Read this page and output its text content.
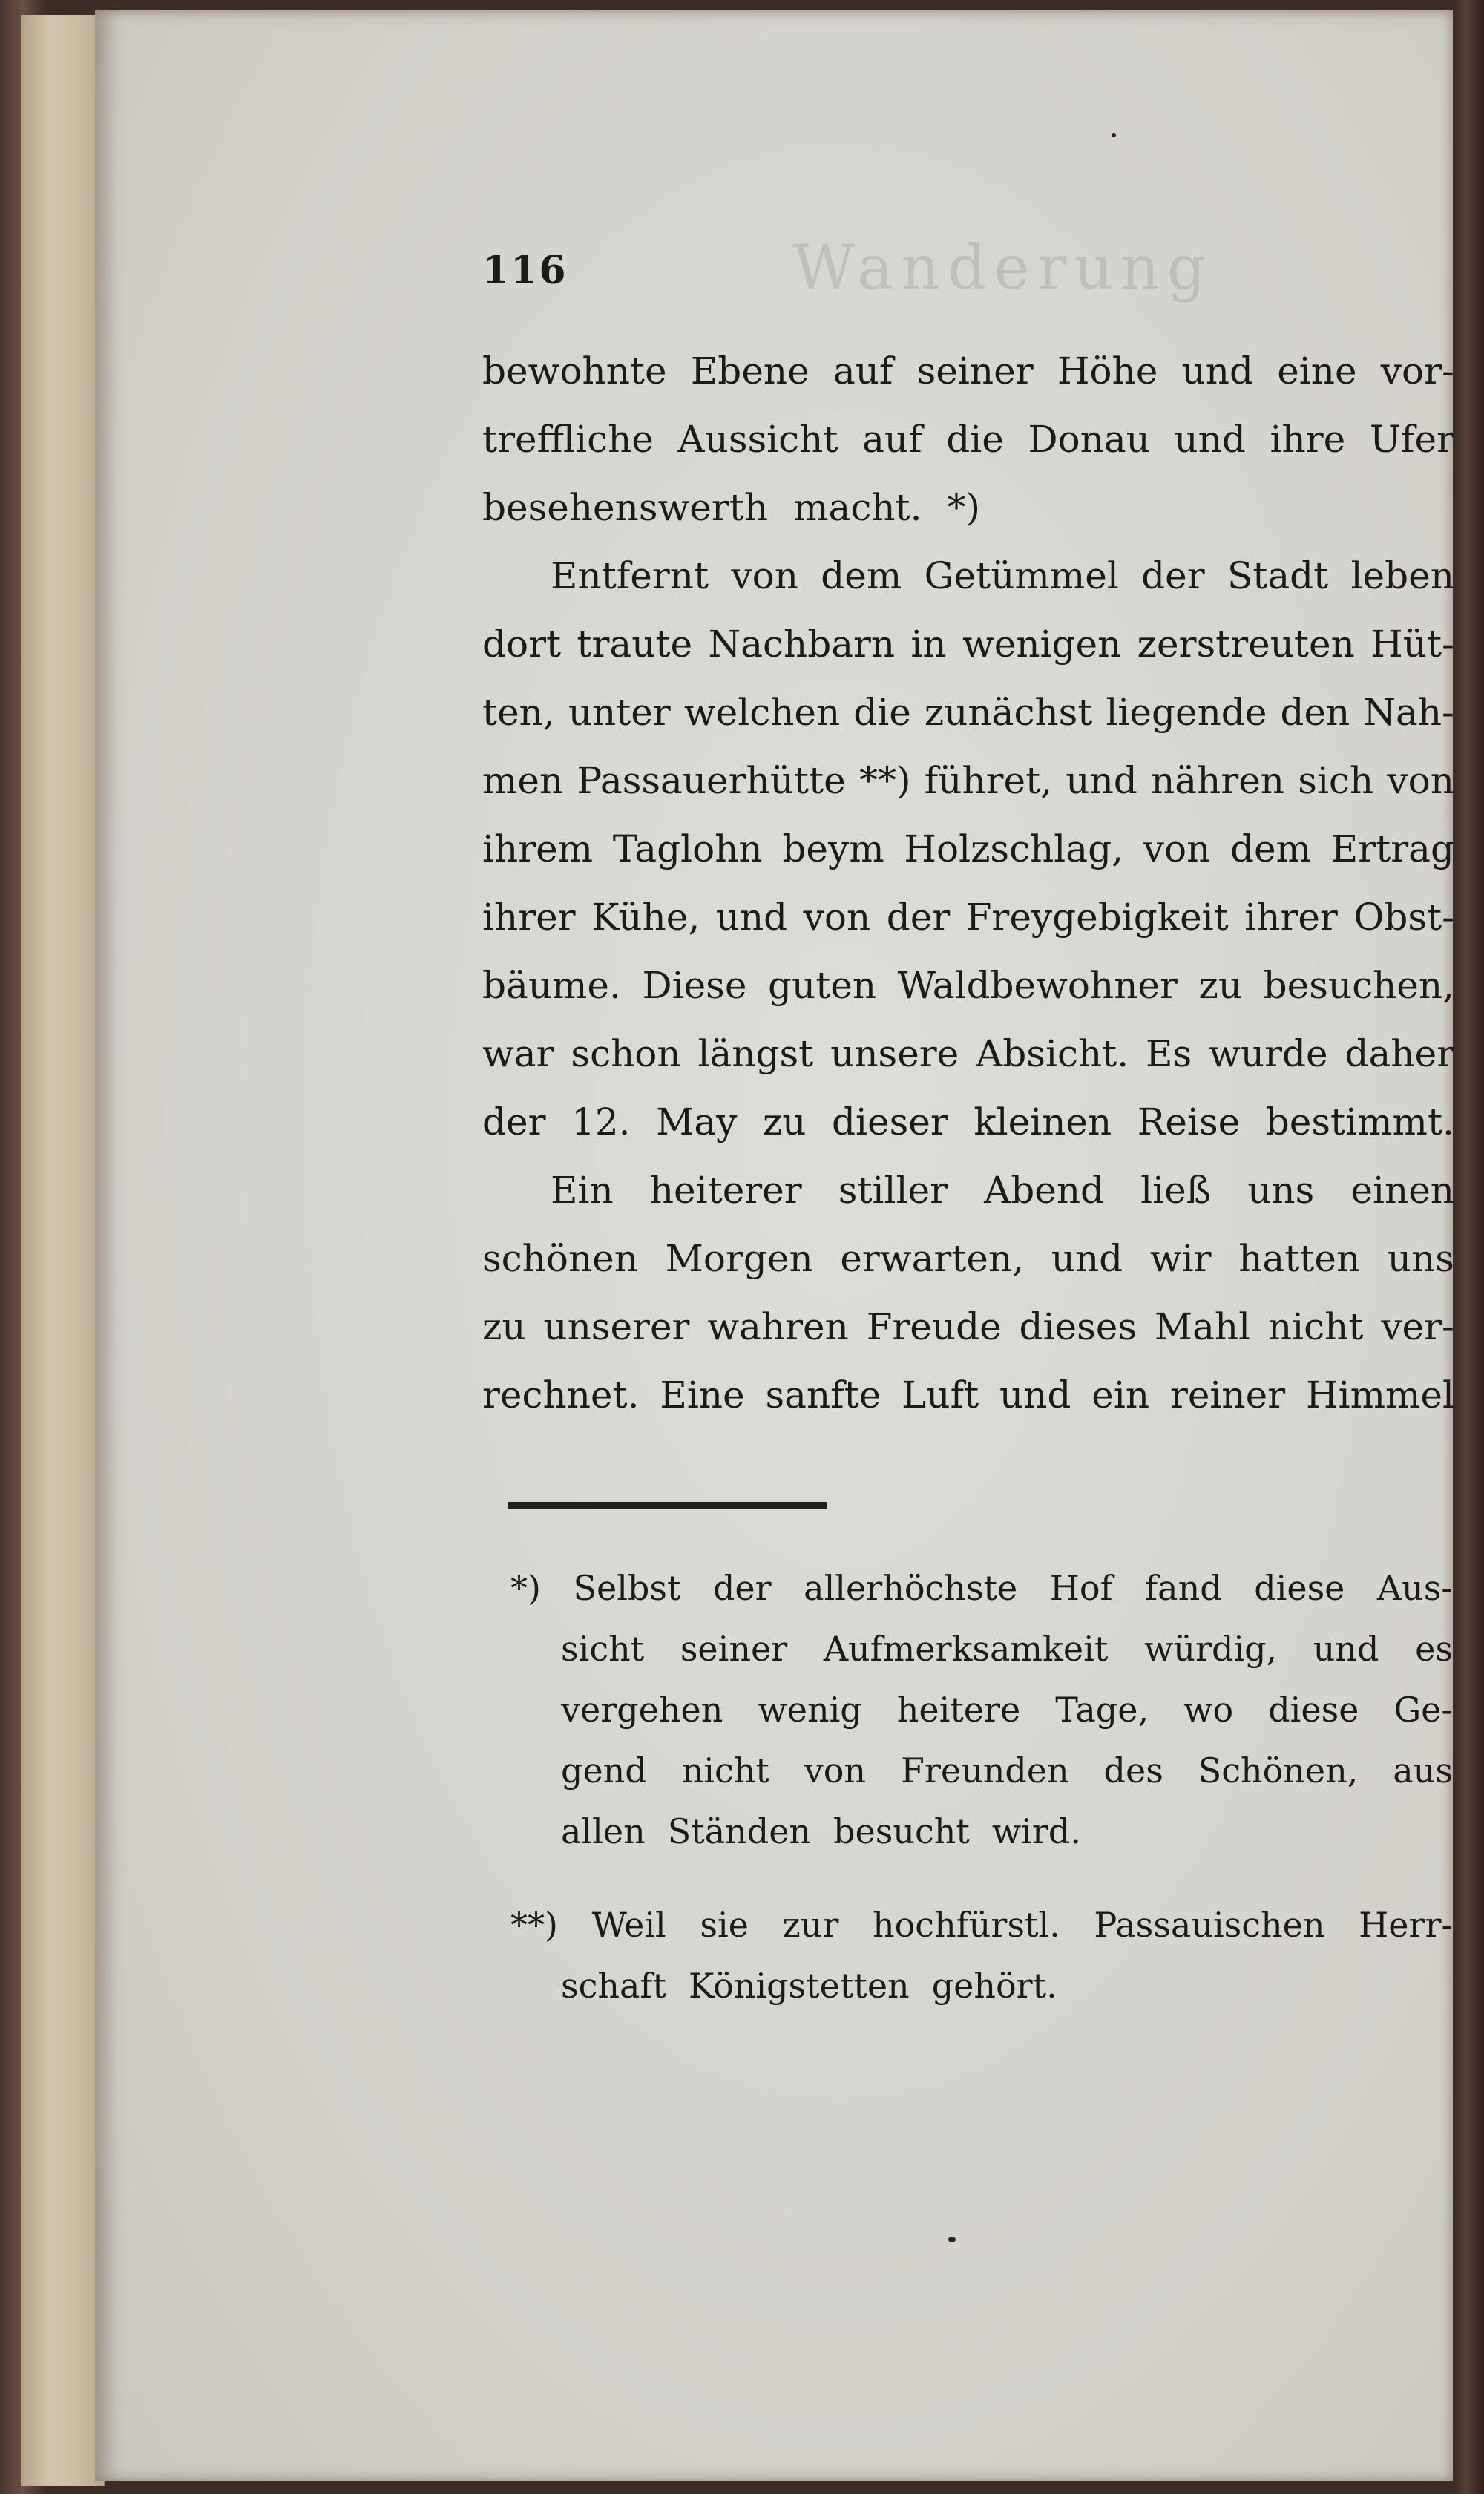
Wanderung
116
bewohnte Ebene auf seiner Höhe und eine vor-
treffliche Aussicht auf die Donau und ihre Ufer
besehenswerth macht. *)
Entfernt von dem Getümmel der Stadt leben
dort traute Nachbarn in wenigen zerstreuten Hüt-
ten, unter welchen die zunächst liegende den Nah-
men Passauerhütte **) führet, und nähren sich von
ihrem Taglohn beym Holzschlag, von dem Ertrag
ihrer Kühe, und von der Freygebigkeit ihrer Obst-
bäume. Diese guten Waldbewohner zu besuchen,
war schon längst unsere Absicht. Es wurde daher
der 12. May zu dieser kleinen Reise bestimmt.
Ein heiterer stiller Abend ließ uns einen
schönen Morgen erwarten, und wir hatten uns
zu unserer wahren Freude dieses Mahl nicht ver-
rechnet. Eine sanfte Luft und ein reiner Himmel
*) Selbst der allerhöchste Hof fand diese Aus-
sicht seiner Aufmerksamkeit würdig, und es
vergehen wenig heitere Tage, wo diese Ge-
gend nicht von Freunden des Schönen, aus
allen Ständen besucht wird.
**) Weil sie zur hochfürstl. Passauischen Herr-
schaft Königstetten gehört.
